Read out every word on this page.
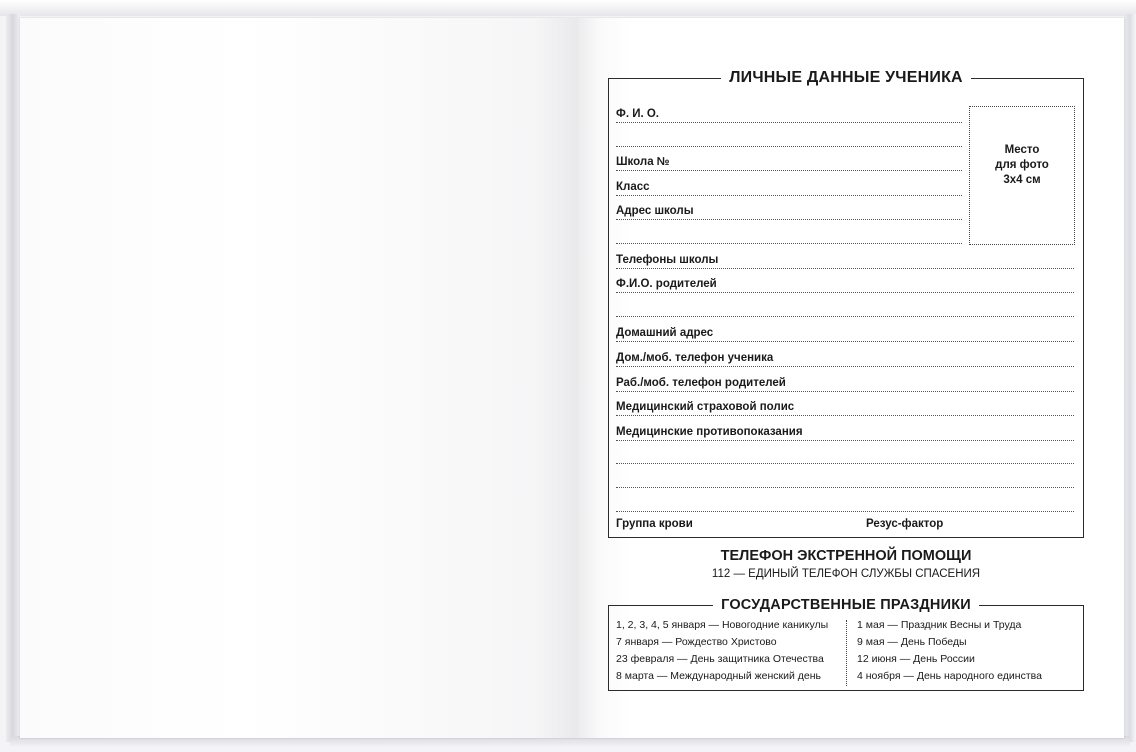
ЛИЧНЫЕ ДАННЫЕ УЧЕНИКА
Ф. И. О.
Школа №
Класс
Адрес школы
Место
для фото
3х4 см
Телефоны школы
Ф.И.О. родителей
Домашний адрес
Дом./моб. телефон ученика
Раб./моб. телефон родителей
Медицинский страховой полис
Медицинские противопоказания
Группа крови	Резус-фактор
ТЕЛЕФОН ЭКСТРЕННОЙ ПОМОЩИ
112 — ЕДИНЫЙ ТЕЛЕФОН СЛУЖБЫ СПАСЕНИЯ
ГОСУДАРСТВЕННЫЕ ПРАЗДНИКИ
1, 2, 3, 4, 5 января — Новогодние каникулы
7 января — Рождество Христово
23 февраля — День защитника Отечества
8 марта — Международный женский день
1 мая — Праздник Весны и Труда
9 мая — День Победы
12 июня — День России
4 ноября — День народного единства
